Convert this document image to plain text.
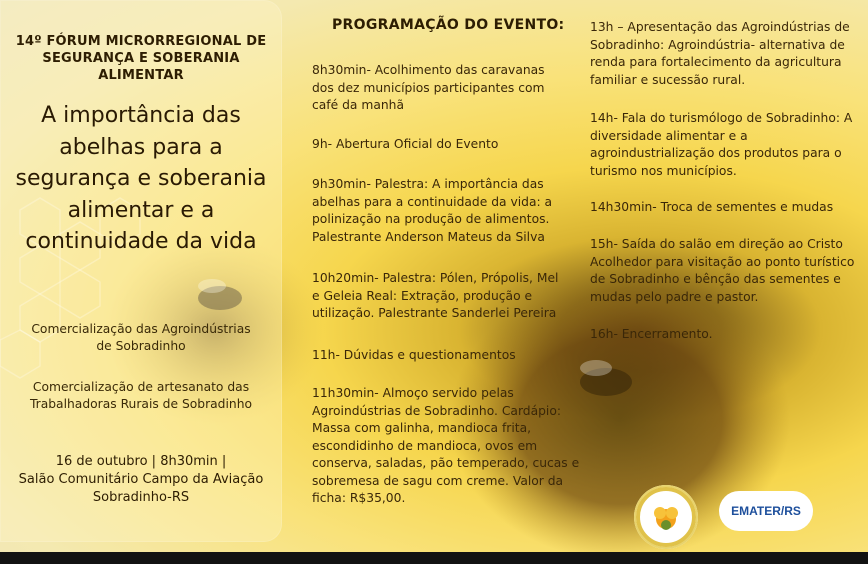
14º FÓRUM MICRORREGIONAL DE

SEGURANÇA E SOBERANIA ALIMENTAR

A importância das

abelhas para a

segurança e soberania

alimentar e a

continuidade da vida

Comercialização das Agroindústrias

de Sobradinho

Comercialização de artesanato das

Trabalhadoras Rurais de Sobradinho

16 de outubro | 8h30min |

Salão Comunitário Campo da Aviação

Sobradinho-RS

PROGRAMAÇÃO DO EVENTO:

8h30min- Acolhimento das caravanas

dos dez municípios participantes com

café da manhã

9h- Abertura Oficial do Evento

9h30min- Palestra: A importância das

abelhas para a continuidade da vida: a

polinização na produção de alimentos.

Palestrante Anderson Mateus da Silva

10h20min- Palestra: Pólen, Própolis, Mel

e Geleia Real: Extração, produção e

utilização. Palestrante Sanderlei Pereira

11h- Dúvidas e questionamentos

11h30min- Almoço servido pelas

Agroindústrias de Sobradinho. Cardápio:

Massa com galinha, mandioca frita,

escondidinho de mandioca, ovos em

conserva, saladas, pão temperado, cucas e

sobremesa de sagu com creme. Valor da

ficha: R$35,00.

13h – Apresentação das Agroindústrias de

Sobradinho: Agroindústria- alternativa de

renda para fortalecimento da agricultura

familiar e sucessão rural.

14h- Fala do turismólogo de Sobradinho: A

diversidade alimentar e a

agroindustrialização dos produtos para o

turismo nos municípios.

14h30min- Troca de sementes e mudas

15h- Saída do salão em direção ao Cristo

Acolhedor para visitação ao ponto turístico

de Sobradinho e bênção das sementes e

mudas pelo padre e pastor.

16h- Encerramento.

EMATER/RS
